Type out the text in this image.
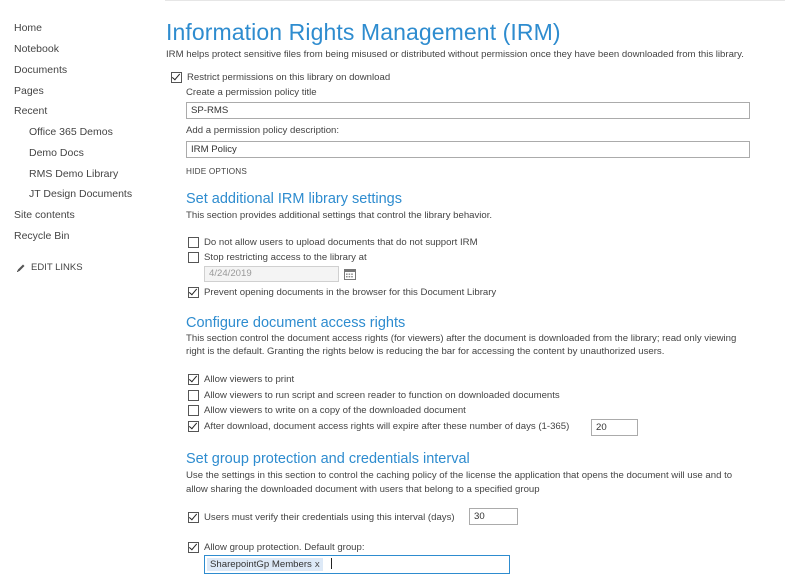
Home
Notebook
Documents
Pages
Recent
Office 365 Demos
Demo Docs
RMS Demo Library
JT Design Documents
Site contents
Recycle Bin
EDIT LINKS
Information Rights Management (IRM)
IRM helps protect sensitive files from being misused or distributed without permission once they have been downloaded from this library.
Restrict permissions on this library on download
Create a permission policy title
SP-RMS
Add a permission policy description:
IRM Policy
HIDE OPTIONS
Set additional IRM library settings
This section provides additional settings that control the library behavior.
Do not allow users to upload documents that do not support IRM
Stop restricting access to the library at
4/24/2019
Prevent opening documents in the browser for this Document Library
Configure document access rights
This section control the document access rights (for viewers) after the document is downloaded from the library; read only viewing
right is the default. Granting the rights below is reducing the bar for accessing the content by unauthorized users.
Allow viewers to print
Allow viewers to run script and screen reader to function on downloaded documents
Allow viewers to write on a copy of the downloaded document
After download, document access rights will expire after these number of days (1-365)	20
Set group protection and credentials interval
Use the settings in this section to control the caching policy of the license the application that opens the document will use and to
allow sharing the downloaded document with users that belong to a specified group
Users must verify their credentials using this interval (days)	30
Allow group protection. Default group:
SharepointGp Members x
